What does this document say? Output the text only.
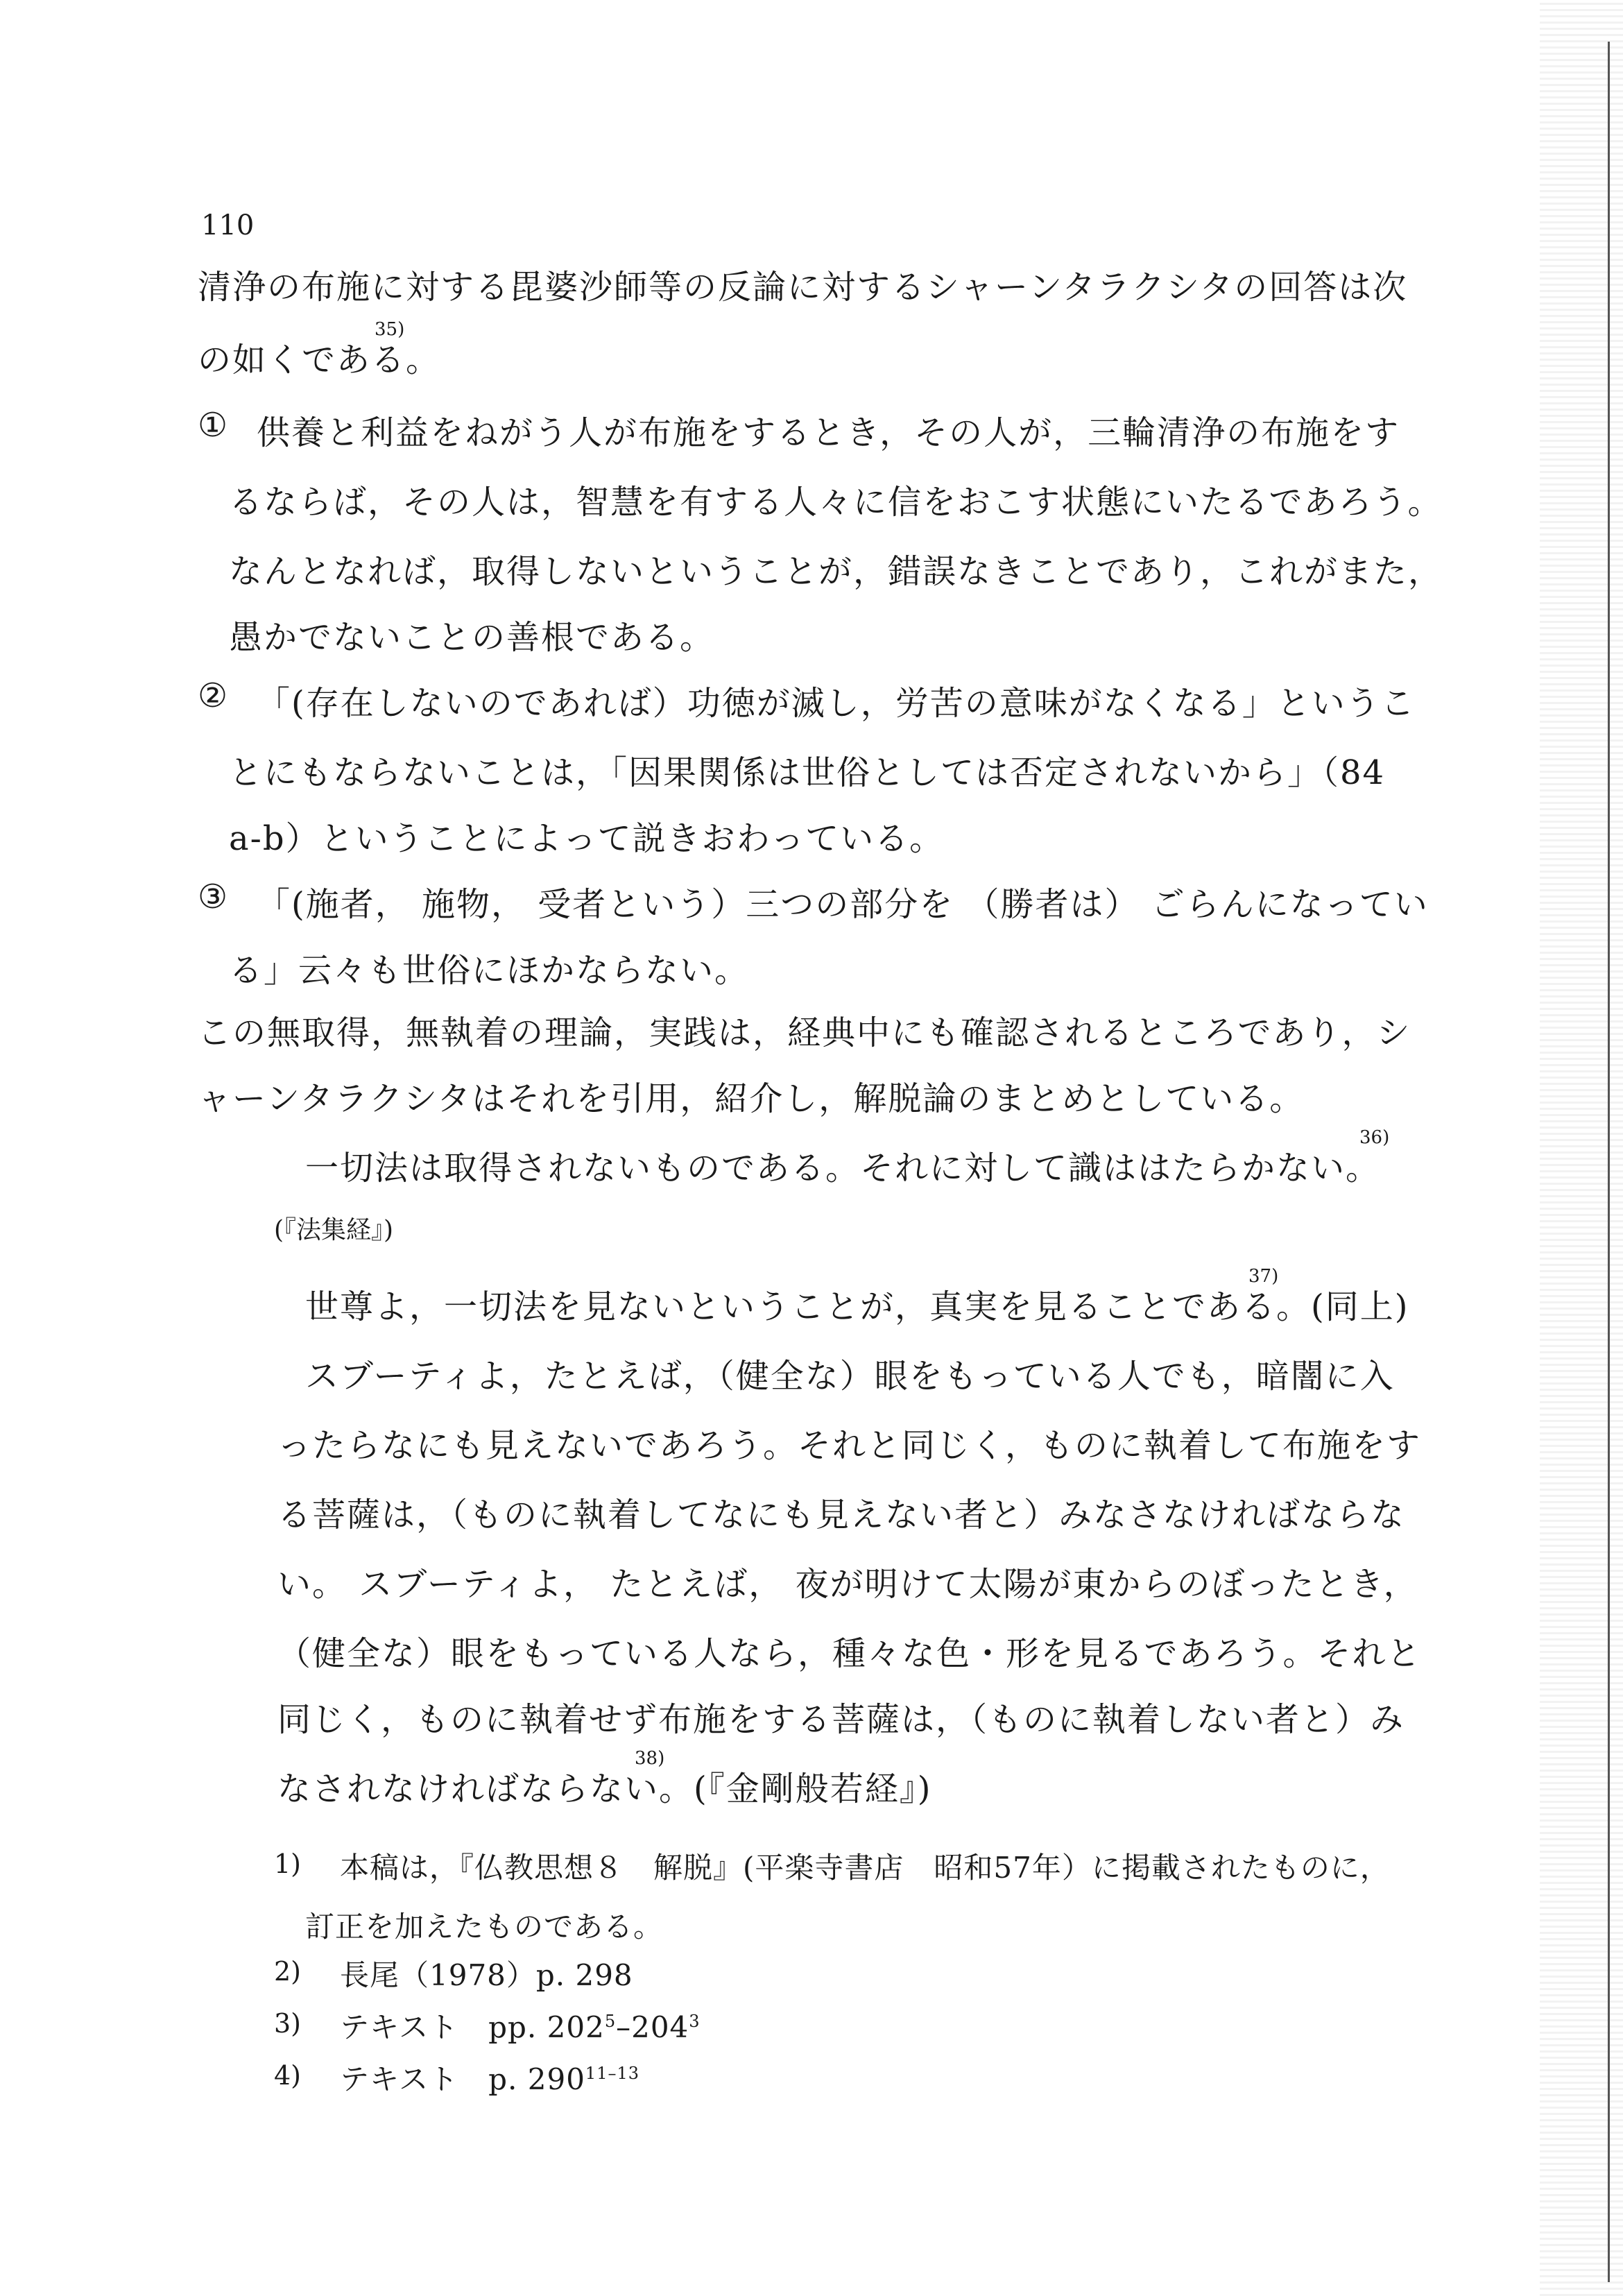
110
清浄の布施に対する毘婆沙師等の反論に対するシャーンタラクシタの回答は次
の如くである。
35)
① 供養と利益をねがう人が布施をするとき，その人が，三輪清浄の布施をす
るならば，その人は，智慧を有する人々に信をおこす状態にいたるであろう。
なんとなれば，取得しないということが，錯誤なきことであり，これがまた，
愚かでないことの善根である。
② 「(存在しないのであれば）功徳が滅し，労苦の意味がなくなる」というこ
とにもならないことは，「因果関係は世俗としては否定されないから」（84
a-b）ということによって説きおわっている。
③ 「(施者， 施物， 受者という）三つの部分を （勝者は） ごらんになってい
る」云々も世俗にほかならない。
この無取得，無執着の理論，実践は，経典中にも確認されるところであり，シ
ャーンタラクシタはそれを引用，紹介し，解脱論のまとめとしている。
一切法は取得されないものである。それに対して識ははたらかない。
36)
(『法集経』)
世尊よ，一切法を見ないということが，真実を見ることである。(同上)
37)
スブーティよ，たとえば，（健全な）眼をもっている人でも，暗闇に入
ったらなにも見えないであろう。それと同じく，ものに執着して布施をす
る菩薩は，（ものに執着してなにも見えない者と）みなさなければならな
い。 スブーティよ， たとえば， 夜が明けて太陽が東からのぼったとき，
（健全な）眼をもっている人なら，種々な色・形を見るであろう。それと
同じく，ものに執着せず布施をする菩薩は，（ものに執着しない者と）み
なされなければならない。(『金剛般若経』)
38)
1) 本稿は，『仏教思想８　解脱』(平楽寺書店　昭和57年）に掲載されたものに，
訂正を加えたものである。
2) 長尾（1978）p. 298
3) テキスト　pp. $202^5-204^3$
4) テキスト　p. 290$^{11-13}$
